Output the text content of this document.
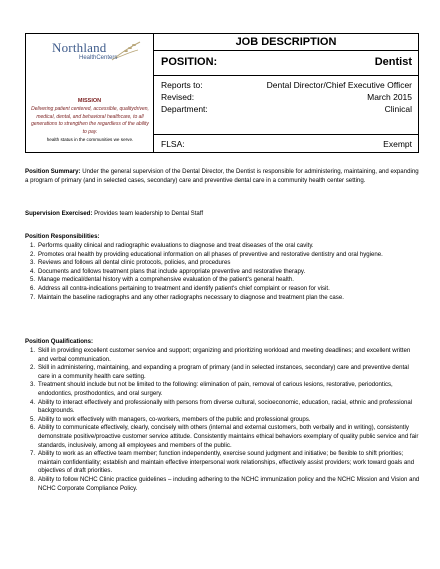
Northland
HealthCenters
MISSION
Delivering patient centered, accessible, qualitydriven, medical, dental, and behavioral healthcare, to all generations to strengthen the regardless of the ability to pay.
health status in the communities we serve.
JOB DESCRIPTION
POSITION:	Dentist
Reports to:	Dental Director/Chief Executive Officer
Revised:	March 2015
Department:	Clinical
FLSA:	Exempt
Position Summary: Under the general supervision of the Dental Director, the Dentist is responsible for administering, maintaining, and expanding a program of primary (and in selected cases, secondary) care and preventive dental care in a community health center setting.
Supervision Exercised: Provides team leadership to Dental Staff
Position Responsibilities:
1. Performs quality clinical and radiographic evaluations to diagnose and treat diseases of the oral cavity.
2. Promotes oral health by providing educational information on all phases of preventive and restorative dentistry and oral hygiene.
3. Reviews and follows all dental clinic protocols, policies, and procedures
4. Documents and follows treatment plans that include appropriate preventive and restorative therapy.
5. Manage medical/dental history with a comprehensive evaluation of the patient's general health.
6. Address all contra-indications pertaining to treatment and identify patient's chief complaint or reason for visit.
7. Maintain the baseline radiographs and any other radiographs necessary to diagnose and treatment plan the case.
Position Qualifications:
1. Skill in providing excellent customer service and support; organizing and prioritizing workload and meeting deadlines; and excellent written and verbal communication.
2. Skill in administering, maintaining, and expanding a program of primary (and in selected instances, secondary) care and preventive dental care in a community health care setting.
3. Treatment should include but not be limited to the following: elimination of pain, removal of carious lesions, restorative, periodontics, endodontics, prosthodontics, and oral surgery.
4. Ability to interact effectively and professionally with persons from diverse cultural, socioeconomic, education, racial, ethnic and professional backgrounds.
5. Ability to work effectively with managers, co-workers, members of the public and professional groups.
6. Ability to communicate effectively, clearly, concisely with others (internal and external customers, both verbally and in writing), consistently demonstrate positive/proactive customer service attitude. Consistently maintains ethical behaviors exemplary of quality public service and fair standards, inclusively, among all employees and members of the public.
7. Ability to work as an effective team member; function independently, exercise sound judgment and initiative; be flexible to shift priorities; maintain confidentiality; establish and maintain effective interpersonal work relationships, effectively assist providers; work toward goals and objectives of draft priorities.
8. Ability to follow NCHC Clinic practice guidelines – including adhering to the NCHC immunization policy and the NCHC Mission and Vision and NCHC Corporate Compliance Policy.
